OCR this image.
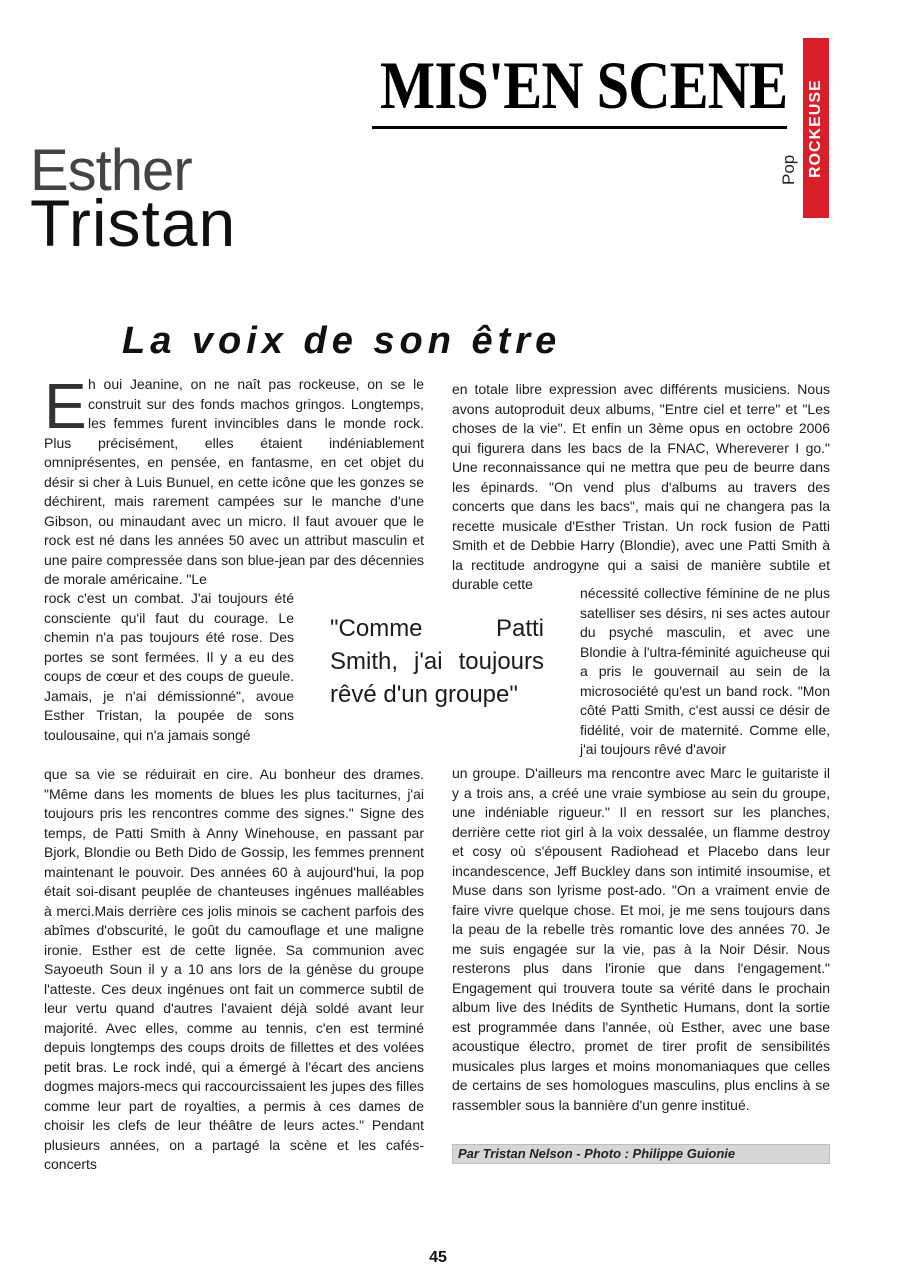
MIS'EN SCENE ROCKEUSE
Pop
Esther
Tristan
La voix de son être
E h oui Jeanine, on ne naît pas rockeuse, on se le construit sur des fonds machos gringos. Longtemps, les femmes furent invincibles dans le monde rock. Plus précisément, elles étaient indéniablement omniprésentes, en pensée, en fantasme, en cet objet du désir si cher à Luis Bunuel, en cette icône que les gonzes se déchirent, mais rarement campées sur le manche d'une Gibson, ou minaudant avec un micro. Il faut avouer que le rock est né dans les années 50 avec un attribut masculin et une paire compressée dans son blue-jean par des décennies de morale américaine. "Le

rock c'est un combat. J'ai toujours été consciente qu'il faut du courage. Le chemin n'a pas toujours été rose. Des portes se sont fermées. Il y a eu des coups de cœur et des coups de gueule. Jamais, je n'ai démissionné", avoue Esther Tristan, la poupée de sons toulousaine, qui n'a jamais songé

que sa vie se réduirait en cire. Au bonheur des drames. "Même dans les moments de blues les plus taciturnes, j'ai toujours pris les rencontres comme des signes." Signe des temps, de Patti Smith à Anny Winehouse, en passant par Bjork, Blondie ou Beth Dido de Gossip, les femmes prennent maintenant le pouvoir. Des années 60 à aujourd'hui, la pop était soi-disant peuplée de chanteuses ingénues malléables à merci.Mais derrière ces jolis minois se cachent parfois des abîmes d'obscurité, le goût du camouflage et une maligne ironie. Esther est de cette lignée. Sa communion avec Sayoeuth Soun il y a 10 ans lors de la génèse du groupe l'atteste. Ces deux ingénues ont fait un commerce subtil de leur vertu quand d'autres l'avaient déjà soldé avant leur majorité. Avec elles, comme au tennis, c'en est terminé depuis longtemps des coups droits de fillettes et des volées petit bras. Le rock indé, qui a émergé à l'écart des anciens dogmes majors-mecs qui raccourcissaient les jupes des filles comme leur part de royalties, a permis à ces dames de choisir les clefs de leur théâtre de leurs actes." Pendant plusieurs années, on a partagé la scène et les cafés-concerts

"Comme Patti Smith, j'ai toujours rêvé d'un groupe"

en totale libre expression avec différents musiciens. Nous avons autoproduit deux albums, "Entre ciel et terre" et "Les choses de la vie". Et enfin un 3ème opus en octobre 2006 qui figurera dans les bacs de la FNAC, Whereverer I go." Une reconnaissance qui ne mettra que peu de beurre dans les épinards. "On vend plus d'albums au travers des concerts que dans les bacs", mais qui ne changera pas la recette musicale d'Esther Tristan. Un rock fusion de Patti Smith et de Debbie Harry (Blondie), avec une Patti Smith à la rectitude androgyne qui a saisi de manière subtile et durable cette

nécessité collective féminine de ne plus satelliser ses désirs, ni ses actes autour du psyché masculin, et avec une Blondie à l'ultra-féminité aguicheuse qui a pris le gouvernail au sein de la microsociété qu'est un band rock. "Mon côté Patti Smith, c'est aussi ce désir de fidélité, voir de maternité. Comme elle, j'ai toujours rêvé d'avoir

un groupe. D'ailleurs ma rencontre avec Marc le guitariste il y a trois ans, a créé une vraie symbiose au sein du groupe, une indéniable rigueur." Il en ressort sur les planches, derrière cette riot girl à la voix dessalée, un flamme destroy et cosy où s'épousent Radiohead et Placebo dans leur incandescence, Jeff Buckley dans son intimité insoumise, et Muse dans son lyrisme post-ado. "On a vraiment envie de faire vivre quelque chose. Et moi, je me sens toujours dans la peau de la rebelle très romantic love des années 70. Je me suis engagée sur la vie, pas à la Noir Désir. Nous resterons plus dans l'ironie que dans l'engagement." Engagement qui trouvera toute sa vérité dans le prochain album live des Inédits de Synthetic Humans, dont la sortie est programmée dans l'année, où Esther, avec une base acoustique électro, promet de tirer profit de sensibilités musicales plus larges et moins monomaniaques que celles de certains de ses homologues masculins, plus enclins à se rassembler sous la bannière d'un genre institué.

Par Tristan Nelson - Photo : Philippe Guionie
45
